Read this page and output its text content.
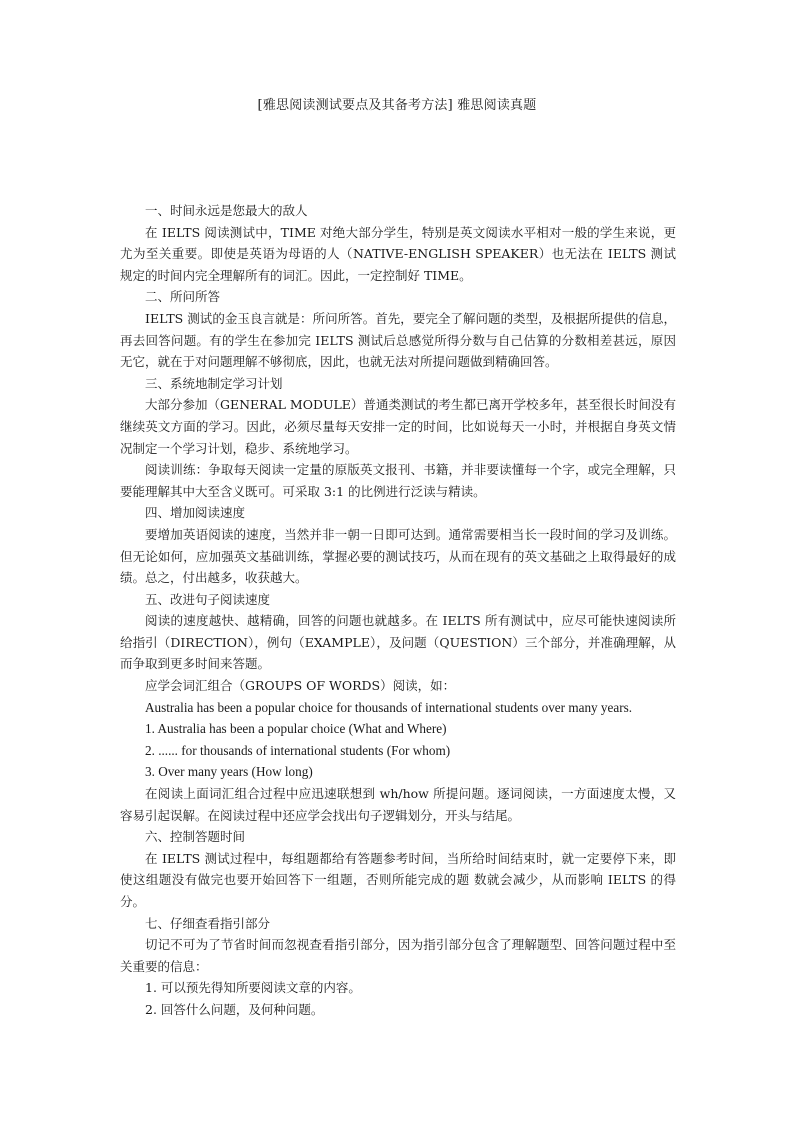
[雅思阅读测试要点及其备考方法] 雅思阅读真题

一、时间永远是您最大的敌人

在 IELTS 阅读测试中，TIME 对绝大部分学生，特别是英文阅读水平相对一般的学生来说，更尤为至关重要。即使是英语为母语的人（NATIVE-ENGLISH SPEAKER）也无法在 IELTS 测试规定的时间内完全理解所有的词汇。因此，一定控制好 TIME。

二、所问所答

IELTS 测试的金玉良言就是：所问所答。首先，要完全了解问题的类型，及根据所提供的信息，再去回答问题。有的学生在参加完 IELTS 测试后总感觉所得分数与自己估算的分数相差甚远，原因无它，就在于对问题理解不够彻底，因此，也就无法对所提问题做到精确回答。

三、系统地制定学习计划

大部分参加（GENERAL MODULE）普通类测试的考生都已离开学校多年，甚至很长时间没有继续英文方面的学习。因此，必须尽量每天安排一定的时间，比如说每天一小时，并根据自身英文情况制定一个学习计划，稳步、系统地学习。

阅读训练：争取每天阅读一定量的原版英文报刊、书籍，并非要读懂每一个字，或完全理解，只要能理解其中大至含义既可。可采取 3:1 的比例进行泛读与精读。

四、增加阅读速度

要增加英语阅读的速度，当然并非一朝一日即可达到。通常需要相当长一段时间的学习及训练。但无论如何，应加强英文基础训练，掌握必要的测试技巧，从而在现有的英文基础之上取得最好的成绩。总之，付出越多，收获越大。

五、改进句子阅读速度

阅读的速度越快、越精确，回答的问题也就越多。在 IELTS 所有测试中，应尽可能快速阅读所给指引（DIRECTION），例句（EXAMPLE），及问题（QUESTION）三个部分，并准确理解，从而争取到更多时间来答题。

应学会词汇组合（GROUPS OF WORDS）阅读，如：

Australia has been a popular choice for thousands of international students over many years.

1. Australia has been a popular choice (What and Where)

2. ...... for thousands of international students (For whom)

3. Over many years (How long)

在阅读上面词汇组合过程中应迅速联想到 wh/how 所提问题。逐词阅读，一方面速度太慢，又容易引起误解。在阅读过程中还应学会找出句子逻辑划分，开头与结尾。

六、控制答题时间

在 IELTS 测试过程中，每组题都给有答题参考时间，当所给时间结束时，就一定要停下来，即使这组题没有做完也要开始回答下一组题，否则所能完成的题 数就会减少，从而影响 IELTS 的得分。

七、仔细查看指引部分

切记不可为了节省时间而忽视查看指引部分，因为指引部分包含了理解题型、回答问题过程中至关重要的信息：

1. 可以预先得知所要阅读文章的内容。

2. 回答什么问题，及何种问题。
